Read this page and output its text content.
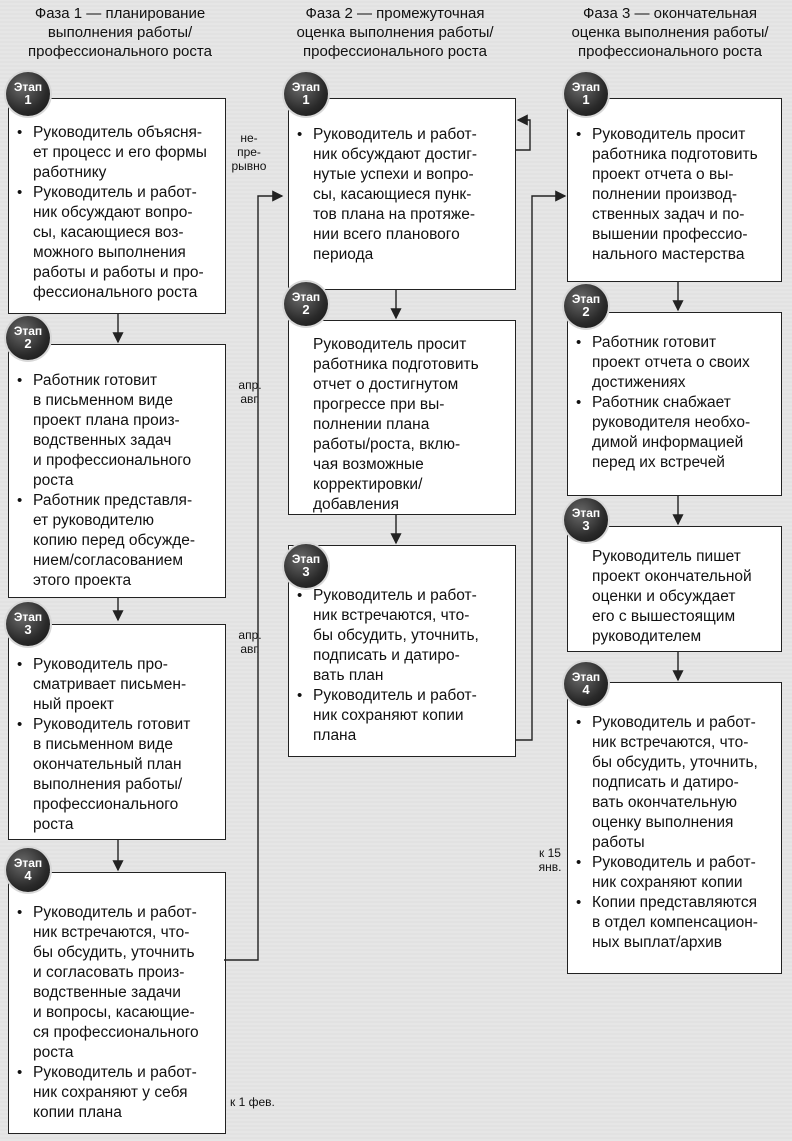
Фаза 1 — планирование
выполнения работы/
профессионального роста
Фаза 2 — промежуточная
оценка выполнения работы/
профессионального роста
Фаза 3 — окончательная
оценка выполнения работы/
профессионального роста
не-
пре-
рывно
апр.
авг.
апр.
авг.
к 15
янв.
к 1 фев.
Этап
1
• Руководитель объясня-
ет процесс и его формы
работнику
• Руководитель и работ-
ник обсуждают вопро-
сы, касающиеся воз-
можного выполнения
работы и работы и про-
фессионального роста
Этап
2
• Работник готовит
в письменном виде
проект плана произ-
водственных задач
и профессионального
роста
• Работник представля-
ет руководителю
копию перед обсужде-
нием/согласованием
этого проекта
Этап
3
• Руководитель про-
сматривает письмен-
ный проект
• Руководитель готовит
в письменном виде
окончательный план
выполнения работы/
профессионального
роста
Этап
4
• Руководитель и работ-
ник встречаются, что-
бы обсудить, уточнить
и согласовать произ-
водственные задачи
и вопросы, касающие-
ся профессионального
роста
• Руководитель и работ-
ник сохраняют у себя
копии плана
Этап
1
• Руководитель и работ-
ник обсуждают достиг-
нутые успехи и вопро-
сы, касающиеся пунк-
тов плана на протяже-
нии всего планового
периода
Этап
2
Руководитель просит
работника подготовить
отчет о достигнутом
прогрессе при вы-
полнении плана
работы/роста, вклю-
чая возможные
корректировки/
добавления
Этап
3
• Руководитель и работ-
ник встречаются, что-
бы обсудить, уточнить,
подписать и датиро-
вать план
• Руководитель и работ-
ник сохраняют копии
плана
Этап
1
• Руководитель просит
работника подготовить
проект отчета о вы-
полнении производ-
ственных задач и по-
вышении профессио-
нального мастерства
Этап
2
• Работник готовит
проект отчета о своих
достижениях
• Работник снабжает
руководителя необхо-
димой информацией
перед их встречей
Этап
3
Руководитель пишет
проект окончательной
оценки и обсуждает
его с вышестоящим
руководителем
Этап
4
• Руководитель и работ-
ник встречаются, что-
бы обсудить, уточнить,
подписать и датиро-
вать окончательную
оценку выполнения
работы
• Руководитель и работ-
ник сохраняют копии
• Копии представляются
в отдел компенсацион-
ных выплат/архив
